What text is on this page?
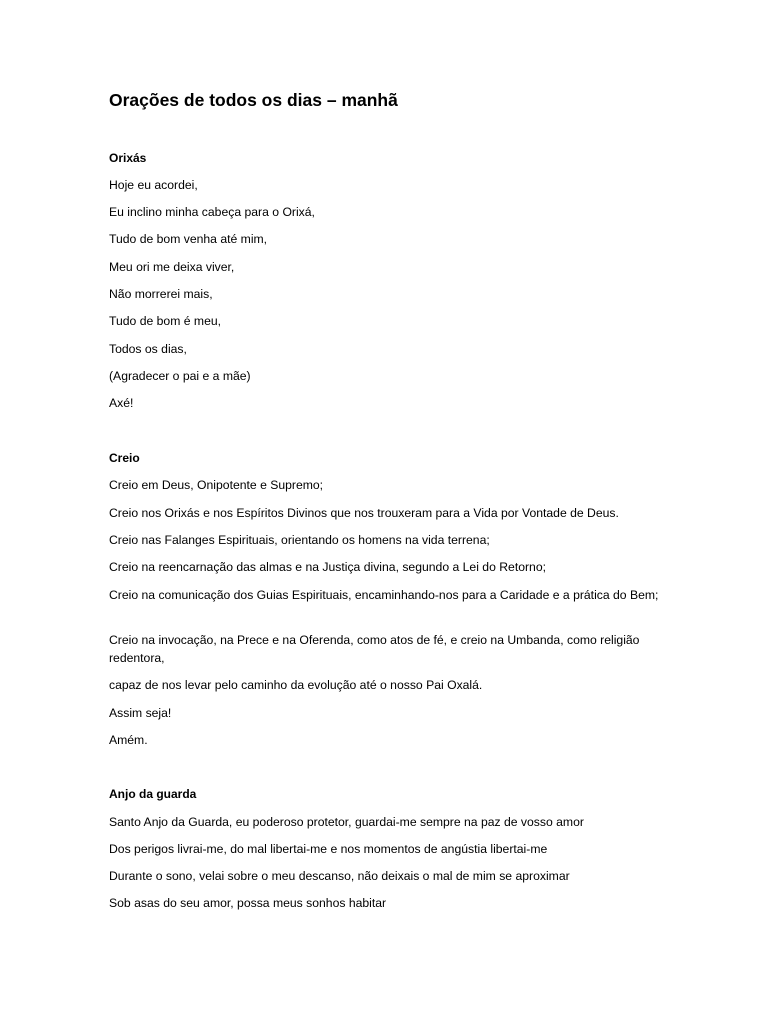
Orações de todos os dias – manhã
Orixás
Hoje eu acordei,
Eu inclino minha cabeça para o Orixá,
Tudo de bom venha até mim,
Meu ori me deixa viver,
Não morrerei mais,
Tudo de bom é meu,
Todos os dias,
(Agradecer o pai e a mãe)
Axé!
Creio
Creio em Deus, Onipotente e Supremo;
Creio nos Orixás e nos Espíritos Divinos que nos trouxeram para a Vida por Vontade de Deus.
Creio nas Falanges Espirituais, orientando os homens na vida terrena;
Creio na reencarnação das almas e na Justiça divina, segundo a Lei do Retorno;
Creio na comunicação dos Guias Espirituais, encaminhando-nos para a Caridade e a prática do Bem;
Creio na invocação, na Prece e na Oferenda, como atos de fé, e creio na Umbanda, como religião redentora,
capaz de nos levar pelo caminho da evolução até o nosso Pai Oxalá.
Assim seja!
Amém.
Anjo da guarda
Santo Anjo da Guarda, eu poderoso protetor, guardai-me sempre na paz de vosso amor
Dos perigos livrai-me, do mal libertai-me e nos momentos de angústia libertai-me
Durante o sono, velai sobre o meu descanso, não deixais o mal de mim se aproximar
Sob asas do seu amor, possa meus sonhos habitar
